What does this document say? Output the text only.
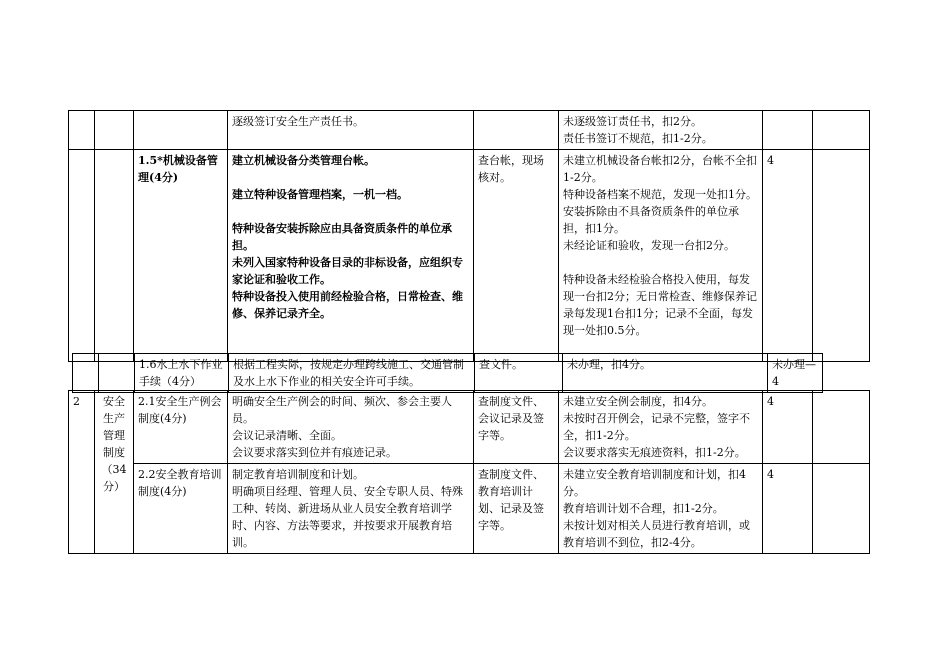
			逐级签订安全生产责任书。		未逐级签订责任书，扣2分。
责任书签订不规范，扣1-2分。		

		1.5*机械设备管理(4分)	建立机械设备分类管理台帐。
建立特种设备管理档案，一机一档。
特种设备安装拆除应由具备资质条件的单位承担。
未列入国家特种设备目录的非标设备，应组织专家论证和验收工作。
特种设备投入使用前经检验合格，日常检查、维修、保养记录齐全。	查台帐，现场核对。	未建立机械设备台帐扣2分，台帐不全扣1-2分。
特种设备档案不规范，发现一处扣1分。
安装拆除由不具备资质条件的单位承担，扣1分。
未经论证和验收，发现一台扣2分。
特种设备未经检验合格投入使用，每发现一台扣2分；无日常检查、维修保养记录每发现1台扣1分；记录不全面，每发现一处扣0.5分。	4	
		1.6水上水下作业手续（4分）	根据工程实际，按规定办理跨线施工、交通管制及水上水下作业的相关安全许可手续。	查文件。	未办理，扣4分。	未办理—4
2	安全生产管理制度（34分）	2.1安全生产例会制度(4分)	明确安全生产例会的时间、频次、参会主要人员。
会议记录清晰、全面。
会议要求落实到位并有痕迹记录。	查制度文件、会议记录及签字等。	未建立安全例会制度，扣4分。
未按时召开例会，记录不完整，签字不全，扣1-2分。
会议要求落实无痕迹资料，扣1-2分。	4	
		2.2安全教育培训制度(4分)	制定教育培训制度和计划。
明确项目经理、管理人员、安全专职人员、特殊工种、转岗、新进场从业人员安全教育培训学时、内容、方法等要求，并按要求开展教育培训。	查制度文件、教育培训计划、记录及签字等。	未建立安全教育培训制度和计划，扣4分。
教育培训计划不合理，扣1-2分。
未按计划对相关人员进行教育培训，或教育培训不到位，扣2-4分。	4	
